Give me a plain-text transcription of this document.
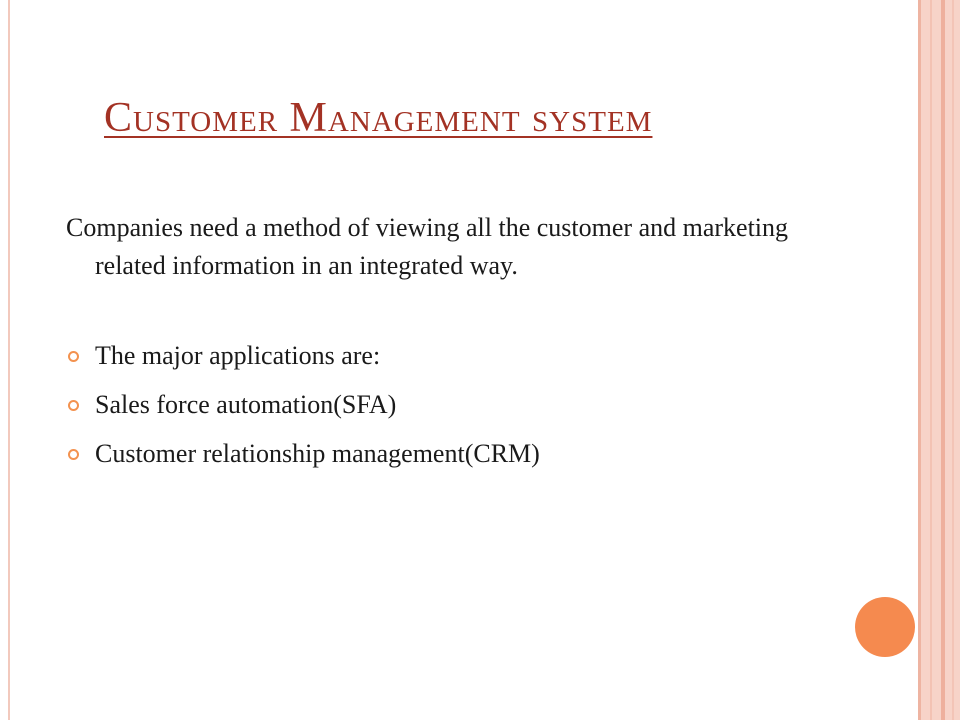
Customer Management system

Companies need a method of viewing all the customer and marketing related information in an integrated way.

The major applications are:
Sales force automation(SFA)
Customer relationship management(CRM)
